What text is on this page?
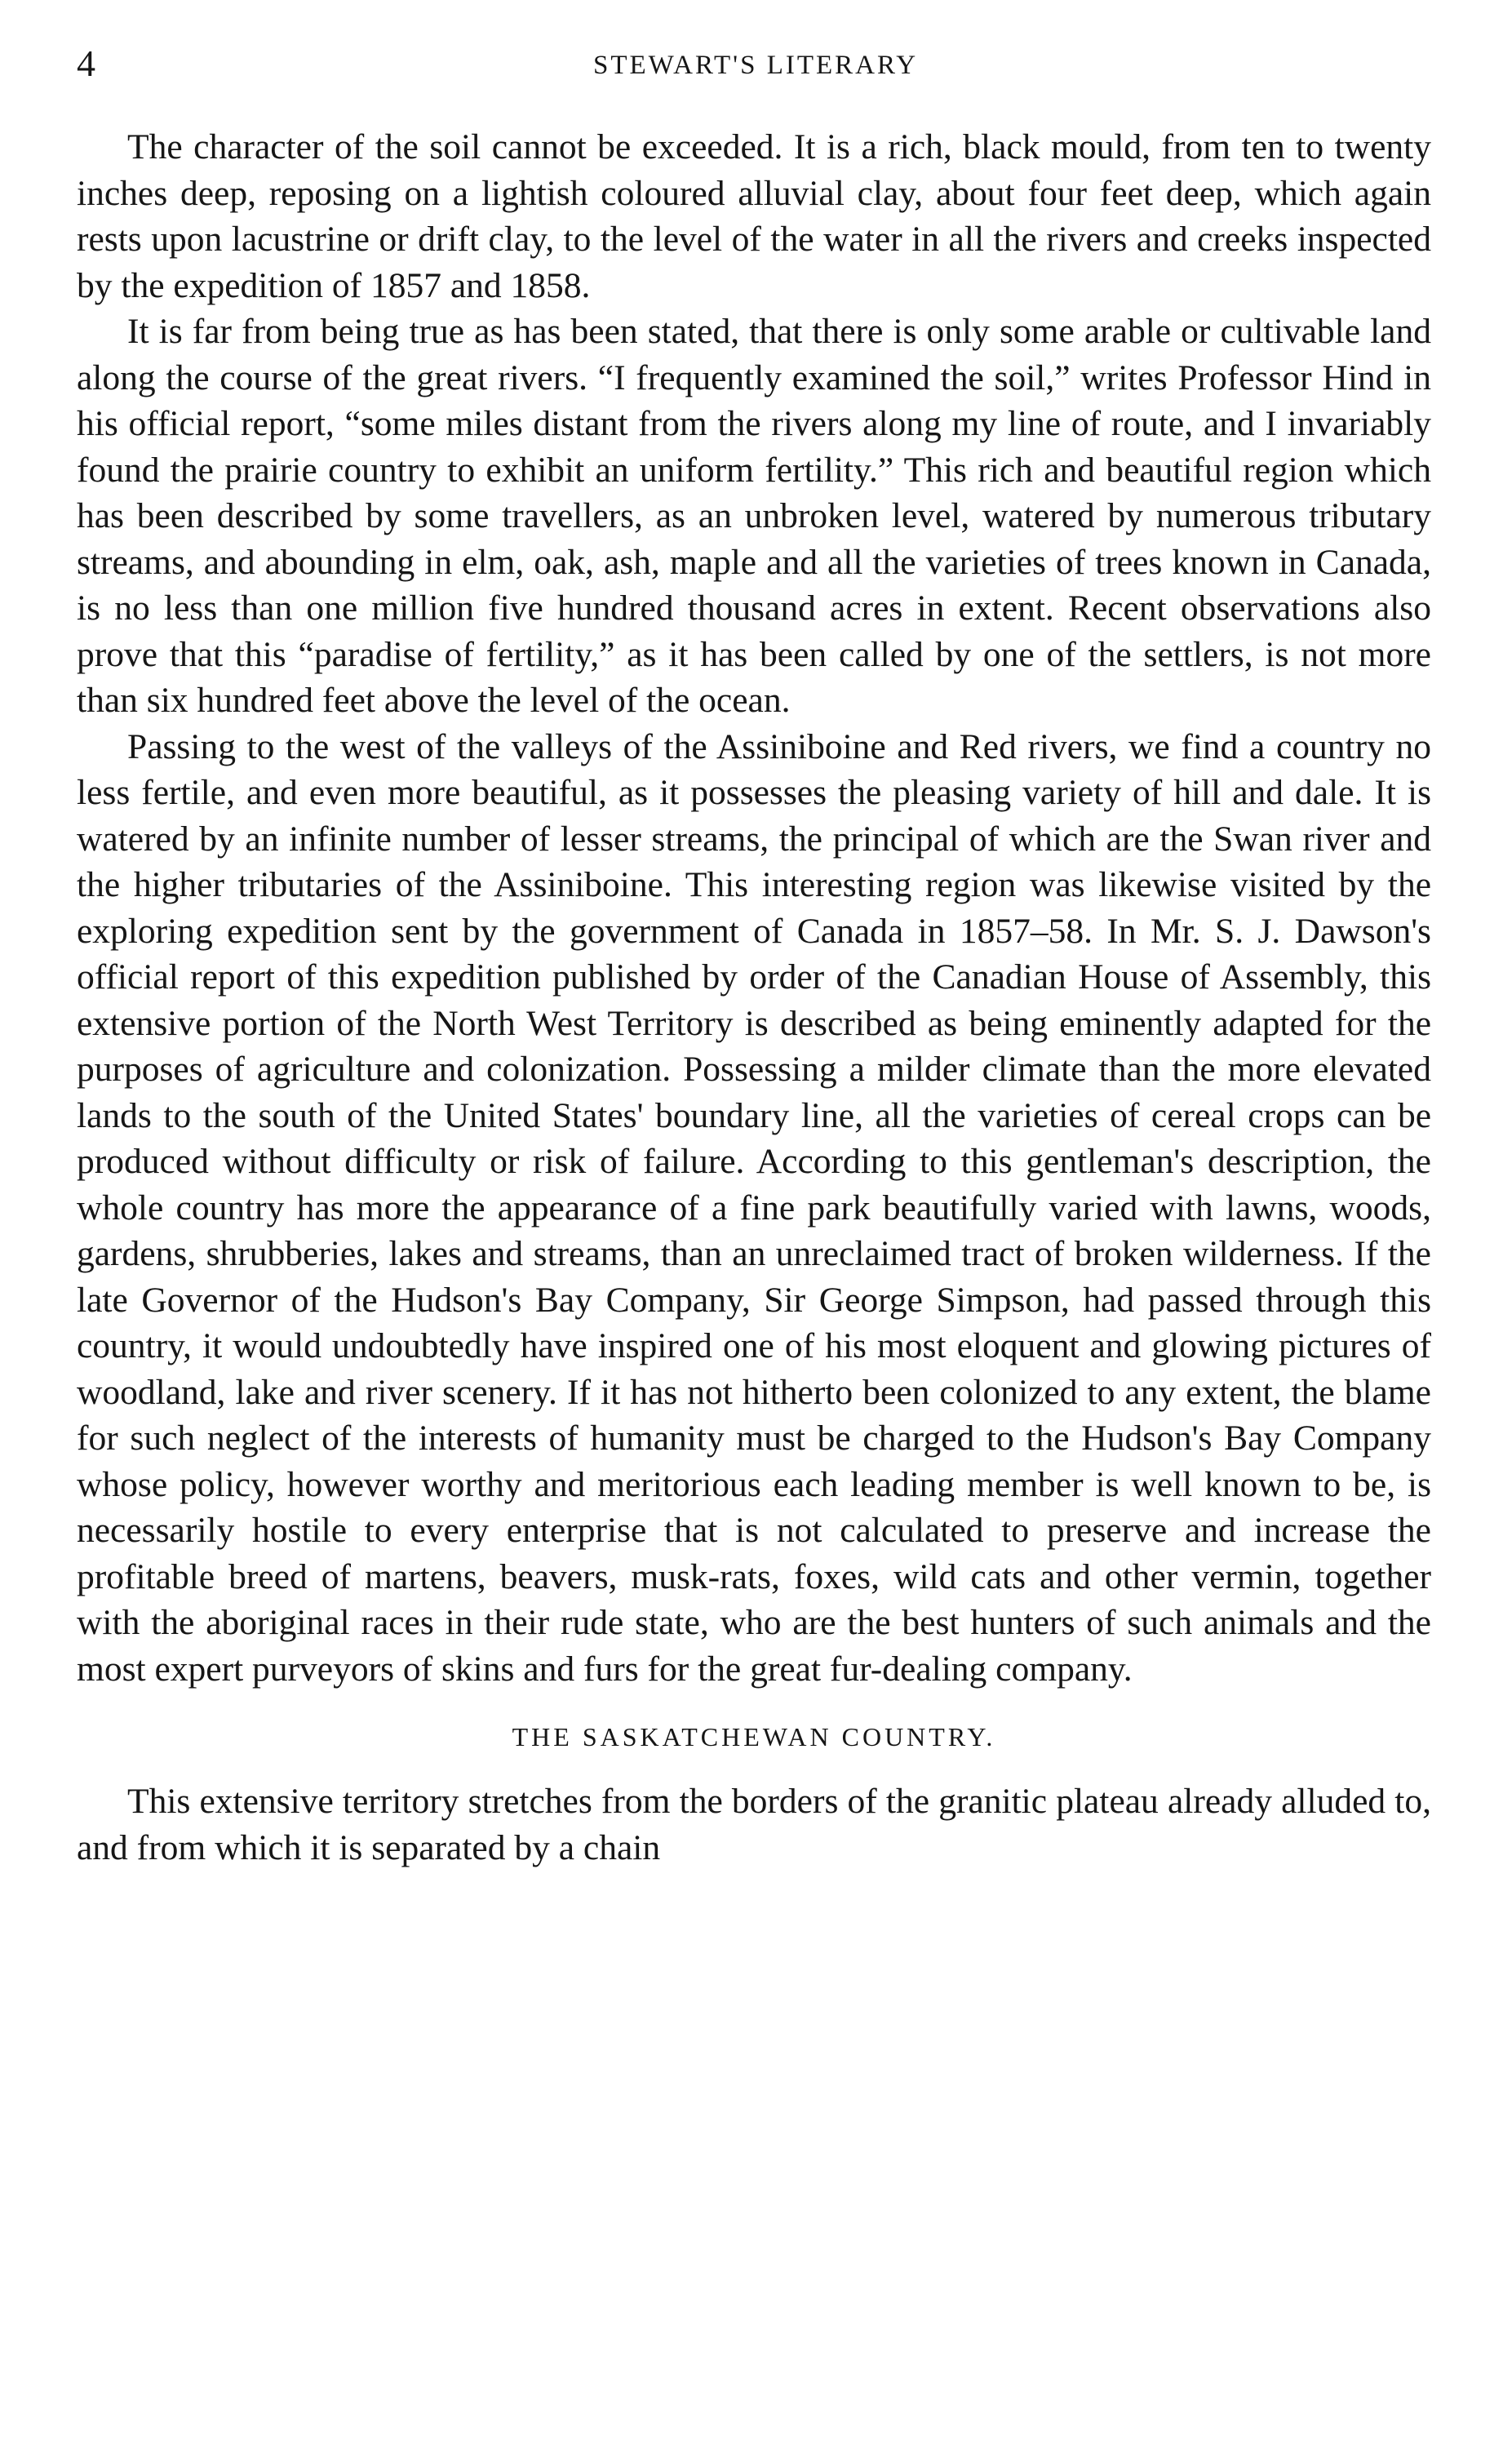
4	STEWART'S LITERARY

The character of the soil cannot be exceeded. It is a rich, black mould, from ten to twenty inches deep, reposing on a lightish coloured alluvial clay, about four feet deep, which again rests upon lacustrine or drift clay, to the level of the water in all the rivers and creeks inspected by the expedition of 1857 and 1858.

It is far from being true as has been stated, that there is only some arable or cultivable land along the course of the great rivers. “I frequently examined the soil,” writes Professor Hind in his official report, “some miles distant from the rivers along my line of route, and I invariably found the prairie country to exhibit an uniform fertility.” This rich and beautiful region which has been described by some travellers, as an unbroken level, watered by numerous tributary streams, and abounding in elm, oak, ash, maple and all the varieties of trees known in Canada, is no less than one million five hundred thousand acres in extent. Recent observations also prove that this “paradise of fertility,” as it has been called by one of the settlers, is not more than six hundred feet above the level of the ocean.

Passing to the west of the valleys of the Assiniboine and Red rivers, we find a country no less fertile, and even more beautiful, as it possesses the pleasing variety of hill and dale. It is watered by an infinite number of lesser streams, the principal of which are the Swan river and the higher tributaries of the Assiniboine. This interesting region was likewise visited by the exploring expedition sent by the government of Canada in 1857–58. In Mr. S. J. Dawson's official report of this expedition published by order of the Canadian House of Assembly, this extensive portion of the North West Territory is described as being eminently adapted for the purposes of agriculture and colonization. Possessing a milder climate than the more elevated lands to the south of the United States' boundary line, all the varieties of cereal crops can be produced without difficulty or risk of failure. According to this gentleman's description, the whole country has more the appearance of a fine park beautifully varied with lawns, woods, gardens, shrubberies, lakes and streams, than an unreclaimed tract of broken wilderness. If the late Governor of the Hudson's Bay Company, Sir George Simpson, had passed through this country, it would undoubtedly have inspired one of his most eloquent and glowing pictures of woodland, lake and river scenery. If it has not hitherto been colonized to any extent, the blame for such neglect of the interests of humanity must be charged to the Hudson's Bay Company whose policy, however worthy and meritorious each leading member is well known to be, is necessarily hostile to every enterprise that is not calculated to preserve and increase the profitable breed of martens, beavers, musk-rats, foxes, wild cats and other vermin, together with the aboriginal races in their rude state, who are the best hunters of such animals and the most expert purveyors of skins and furs for the great fur-dealing company.

THE SASKATCHEWAN COUNTRY.

This extensive territory stretches from the borders of the granitic plateau already alluded to, and from which it is separated by a chain
